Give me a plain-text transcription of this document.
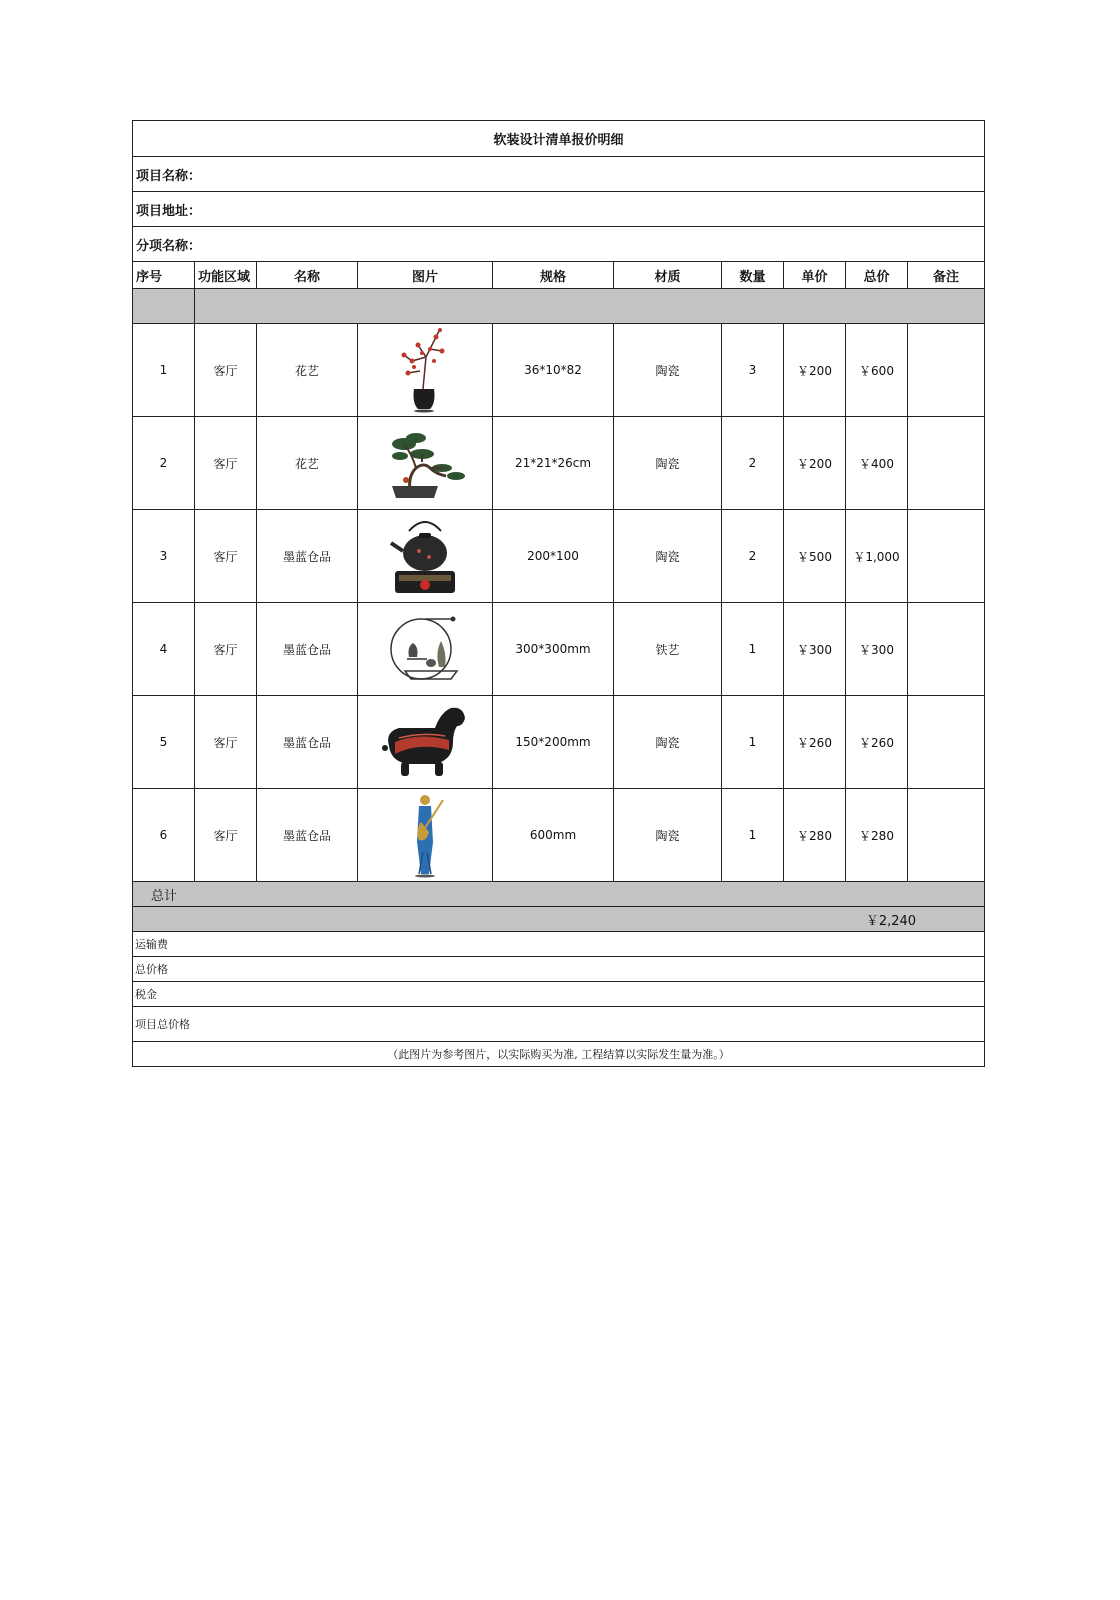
软装设计清单报价明细									
项目名称：									
项目地址：									
分项名称：									
序号	功能区域	名称	图片	规格	材质	数量	单价	总价	备注

1	客厅	花艺		36*10*82	陶瓷	3	￥200	￥600	
2	客厅	花艺		21*21*26cm	陶瓷	2	￥200	￥400	
3	客厅	墨蓝仓品		200*100	陶瓷	2	￥500	￥1,000	
4	客厅	墨蓝仓品		300*300mm	铁艺	1	￥300	￥300	
5	客厅	墨蓝仓品		150*200mm	陶瓷	1	￥260	￥260	
6	客厅	墨蓝仓品		600mm	陶瓷	1	￥280	￥280	
总计									
￥2,240									
运输费									
总价格									
税金									
项目总价格									
（此图片为参考图片，以实际购买为准, 工程结算以实际发生量为准。）									
